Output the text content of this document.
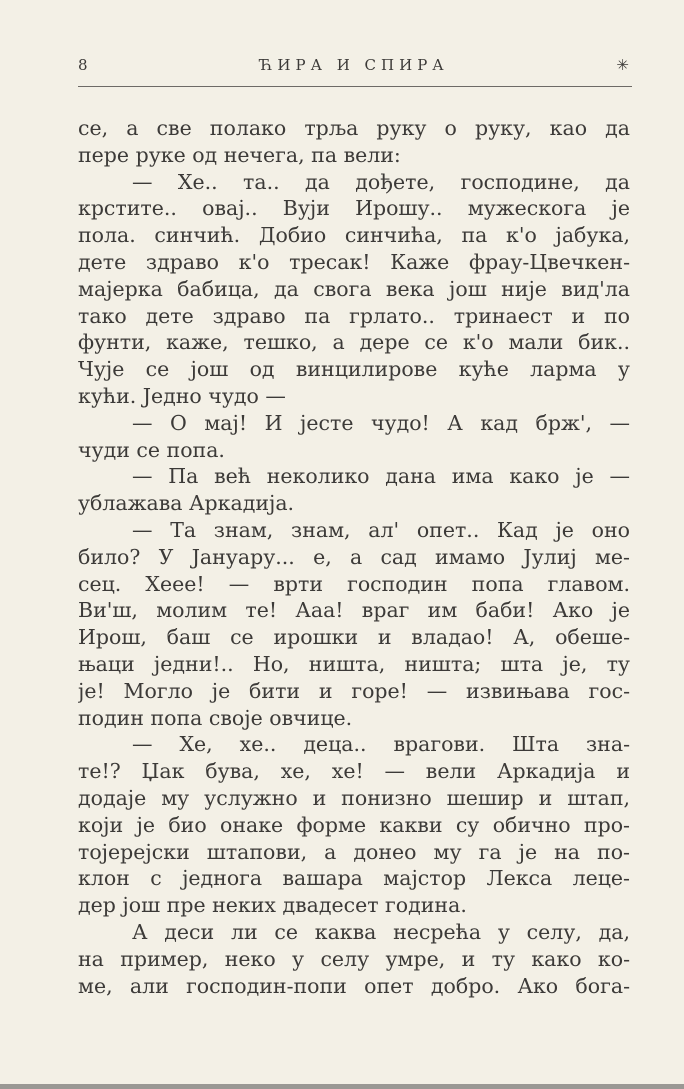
8	ЋИРА И СПИРА	✳
се, а све полако трља руку о руку, као да
пере руке од нечега, па вели:
— Хе.. та.. да дођете, господине, да
крстите.. овај.. Вуји Ирошу.. мужескога је
пола. синчић. Добио синчића, па к'о јабука,
дете здраво к'о тресак! Каже фрау-Цвечкен-
мајерка бабица, да свога века још није вид'ла
тако дете здраво па грлато.. тринаест и по
фунти, каже, тешко, а дере се к'о мали бик..
Чује се још од винцилирове куће ларма у
кући. Једно чудо —
— О мај! И јесте чудо! А кад брж', —
чуди се попа.
— Па већ неколико дана има како је —
ублажава Аркадија.
— Та знам, знам, ал' опет.. Кад је оно
било? У Јануару... е, а сад имамо Јулиј ме-
сец. Хеее! — врти господин попа главом.
Ви'ш, молим те! Ааа! враг им баби! Ако је
Ирош, баш се ирошки и владао! А, обеше-
њаци једни!.. Но, ништа, ништа; шта је, ту
је! Могло је бити и горе! — извињава гос-
подин попа своје овчице.
— Хе, хе.. деца.. врагови. Шта зна-
те!? Џак бува, хе, хе! — вели Аркадија и
додаје му услужно и понизно шешир и штап,
који је био онаке форме какви су обично про-
тојерејски штапови, а донео му га је на по-
клон с једнога вашара мајстор Лекса лецe-
дер још пре неких двадесет година.
А деси ли се каква несрећа у селу, да,
на пример, неко у селу умре, и ту како ко-
ме, али господин-попи опет добро. Ако бога-
